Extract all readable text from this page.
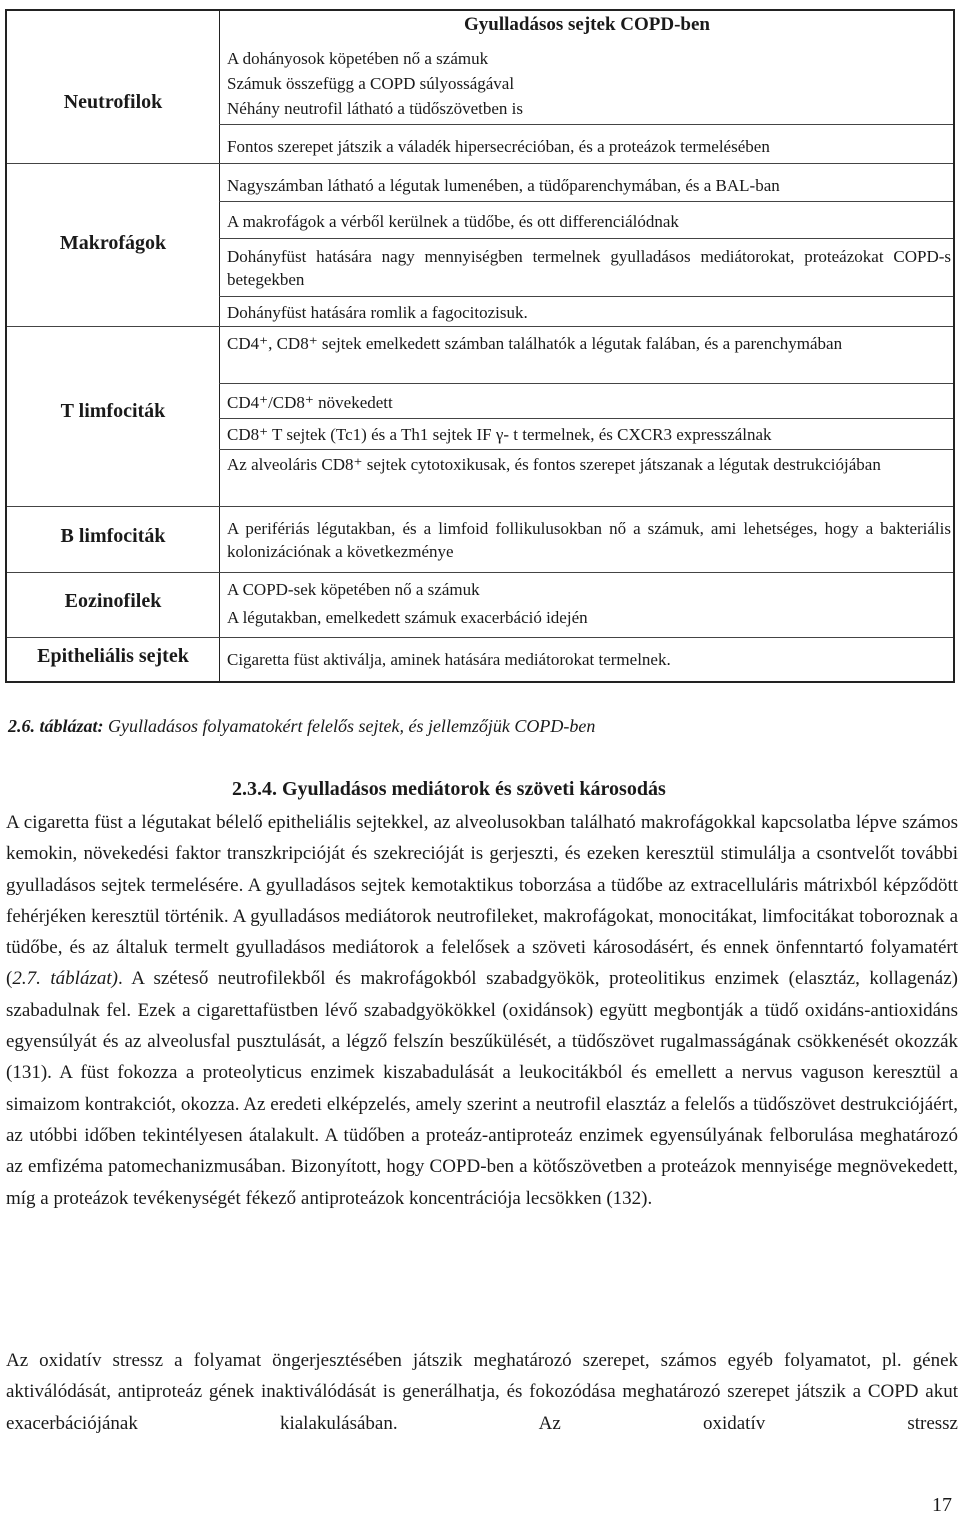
Gyulladásos sejtek COPD-ben
Neutrofilok
A dohányosok köpetében nő a számuk
Számuk összefügg a COPD súlyosságával
Néhány neutrofil látható a tüdőszövetben is
Fontos szerepet játszik a váladék hipersecrécióban, és a proteázok termelésében
Makrofágok
Nagyszámban látható a légutak lumenében, a tüdőparenchymában, és a BAL-ban
A makrofágok a vérből kerülnek a tüdőbe, és ott differenciálódnak
Dohányfüst hatására nagy mennyiségben termelnek gyulladásos mediátorokat, proteázokat COPD-s betegekben
Dohányfüst hatására romlik a fagocitozisuk.
T limfociták
CD4⁺, CD8⁺ sejtek emelkedett számban találhatók a légutak falában, és a parenchymában
CD4⁺/CD8⁺ növekedett
CD8⁺ T sejtek (Tc1) és a Th1 sejtek IF γ- t termelnek, és CXCR3 expresszálnak
Az alveoláris CD8⁺ sejtek cytotoxikusak, és fontos szerepet játszanak a légutak destrukciójában
B limfociták	A perifériás légutakban, és a limfoid follikulusokban nő a számuk, ami lehetséges, hogy a bakteriális kolonizációnak a következménye
Eozinofilek
A COPD-sek köpetében nő a számuk
A légutakban, emelkedett számuk exacerbáció idején
Epitheliális sejtek	Cigaretta füst aktiválja, aminek hatására mediátorokat termelnek.
2.6. táblázat: Gyulladásos folyamatokért felelős sejtek, és jellemzőjük COPD-ben
2.3.4. Gyulladásos mediátorok és szöveti károsodás
A cigaretta füst a légutakat bélelő epitheliális sejtekkel, az alveolusokban található makrofágokkal kapcsolatba lépve számos kemokin, növekedési faktor transzkripcióját és szekrecióját is gerjeszti, és ezeken keresztül stimulálja a csontvelőt további gyulladásos sejtek termelésére. A gyulladásos sejtek kemotaktikus toborzása a tüdőbe az extracelluláris mátrixból képződött fehérjéken keresztül történik. A gyulladásos mediátorok neutrofileket, makrofágokat, monocitákat, limfocitákat toboroznak a tüdőbe, és az általuk termelt gyulladásos mediátorok a felelősek a szöveti károsodásért, és ennek önfenntartó folyamatért (2.7. táblázat). A széteső neutrofilekből és makrofágokból szabadgyökök, proteolitikus enzimek (elasztáz, kollagenáz) szabadulnak fel. Ezek a cigarettafüstben lévő szabadgyökökkel (oxidánsok) együtt megbontják a tüdő oxidáns-antioxidáns egyensúlyát és az alveolusfal pusztulását, a légző felszín beszűkülését, a tüdőszövet rugalmasságának csökkenését okozzák (131). A füst fokozza a proteolyticus enzimek kiszabadulását a leukocitákból és emellett a nervus vaguson keresztül a simaizom kontrakciót, okozza. Az eredeti elképzelés, amely szerint a neutrofil elasztáz a felelős a tüdőszövet destrukciójáért, az utóbbi időben tekintélyesen átalakult. A tüdőben a proteáz-antiproteáz enzimek egyensúlyának felborulása meghatározó az emfizéma patomechanizmusában. Bizonyított, hogy COPD-ben a kötőszövetben a proteázok mennyisége megnövekedett, míg a proteázok tevékenységét fékező antiproteázok koncentrációja lecsökken (132).
Az oxidatív stressz a folyamat öngerjesztésében játszik meghatározó szerepet, számos egyéb folyamatot, pl. gének aktiválódását, antiproteáz gének inaktiválódását is generálhatja, és fokozódása meghatározó szerepet játszik a COPD akut exacerbációjának kialakulásában. Az oxidatív stressz
17
